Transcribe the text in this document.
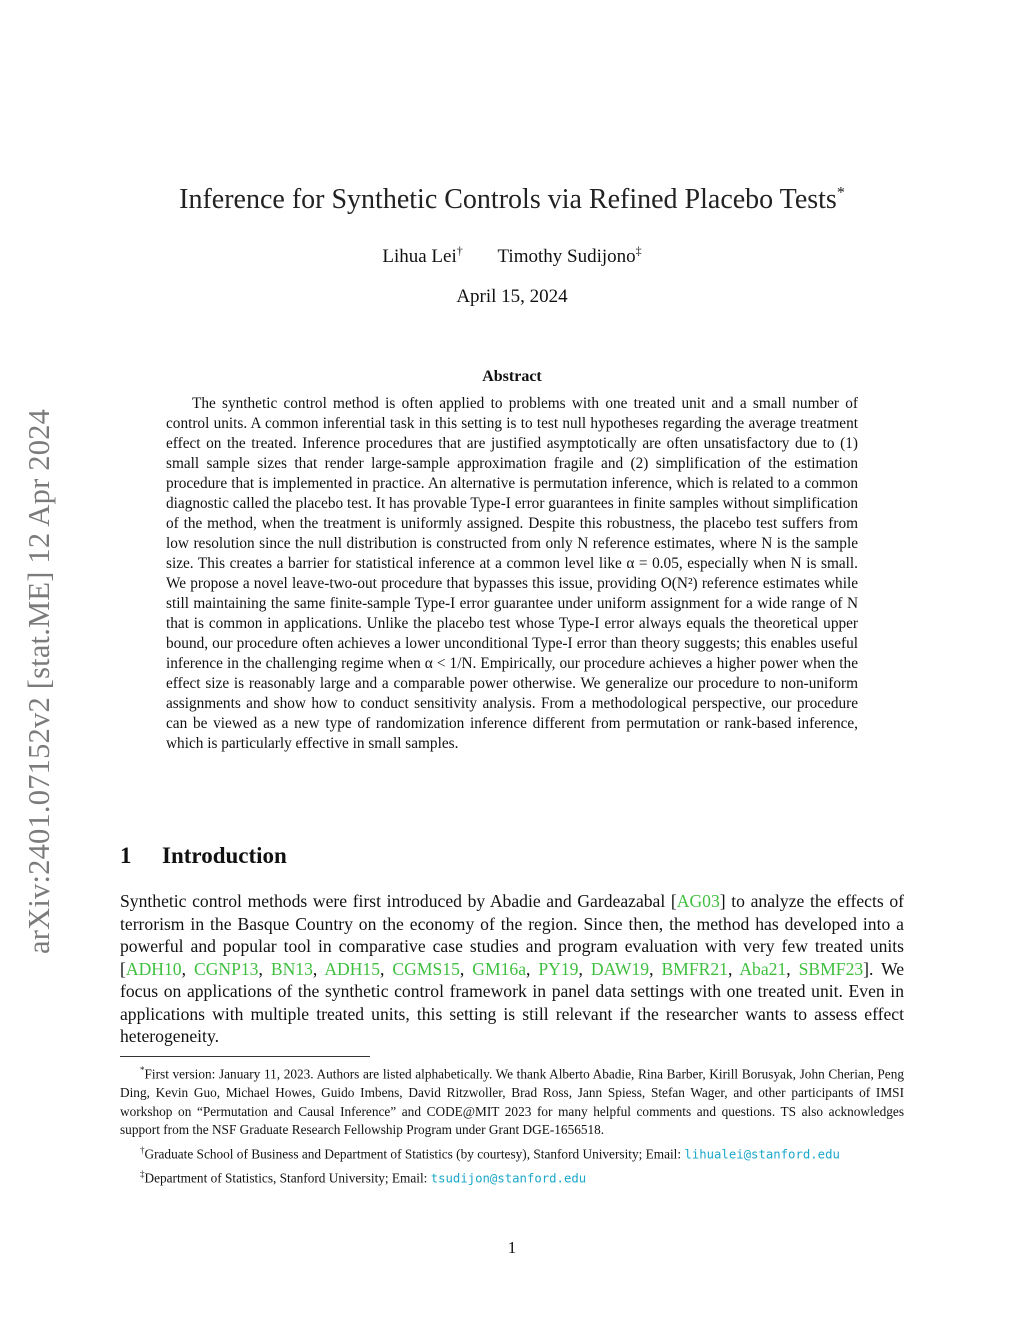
arXiv:2401.07152v2 [stat.ME] 12 Apr 2024
Inference for Synthetic Controls via Refined Placebo Tests*
Lihua Lei† Timothy Sudijono‡
April 15, 2024
Abstract

The synthetic control method is often applied to problems with one treated unit and a small number of control units. A common inferential task in this setting is to test null hypotheses regarding the average treatment effect on the treated. Inference procedures that are justified asymptotically are often unsatisfactory due to (1) small sample sizes that render large-sample approximation fragile and (2) simplification of the estimation procedure that is implemented in practice. An alternative is permutation inference, which is related to a common diagnostic called the placebo test. It has provable Type-I error guarantees in finite samples without simplification of the method, when the treatment is uniformly assigned. Despite this robustness, the placebo test suffers from low resolution since the null distribution is constructed from only N reference estimates, where N is the sample size. This creates a barrier for statistical inference at a common level like α = 0.05, especially when N is small. We propose a novel leave-two-out procedure that bypasses this issue, providing O(N²) reference estimates while still maintaining the same finite-sample Type-I error guarantee under uniform assignment for a wide range of N that is common in applications. Unlike the placebo test whose Type-I error always equals the theoretical upper bound, our procedure often achieves a lower unconditional Type-I error than theory suggests; this enables useful inference in the challenging regime when α < 1/N. Empirically, our procedure achieves a higher power when the effect size is reasonably large and a comparable power otherwise. We generalize our procedure to non-uniform assignments and show how to conduct sensitivity analysis. From a methodological perspective, our procedure can be viewed as a new type of randomization inference different from permutation or rank-based inference, which is particularly effective in small samples.

1 Introduction

Synthetic control methods were first introduced by Abadie and Gardeazabal [AG03] to analyze the effects of terrorism in the Basque Country on the economy of the region. Since then, the method has developed into a powerful and popular tool in comparative case studies and program evaluation with very few treated units [ADH10, CGNP13, BN13, ADH15, CGMS15, GM16a, PY19, DAW19, BMFR21, Aba21, SBMF23]. We focus on applications of the synthetic control framework in panel data settings with one treated unit. Even in applications with multiple treated units, this setting is still relevant if the researcher wants to assess effect heterogeneity.

*First version: January 11, 2023. Authors are listed alphabetically. We thank Alberto Abadie, Rina Barber, Kirill Borusyak, John Cherian, Peng Ding, Kevin Guo, Michael Howes, Guido Imbens, David Ritzwoller, Brad Ross, Jann Spiess, Stefan Wager, and other participants of IMSI workshop on “Permutation and Causal Inference” and CODE@MIT 2023 for many helpful comments and questions. TS also acknowledges support from the NSF Graduate Research Fellowship Program under Grant DGE-1656518.

†Graduate School of Business and Department of Statistics (by courtesy), Stanford University; Email: lihualei@stanford.edu

‡Department of Statistics, Stanford University; Email: tsudijon@stanford.edu

1
